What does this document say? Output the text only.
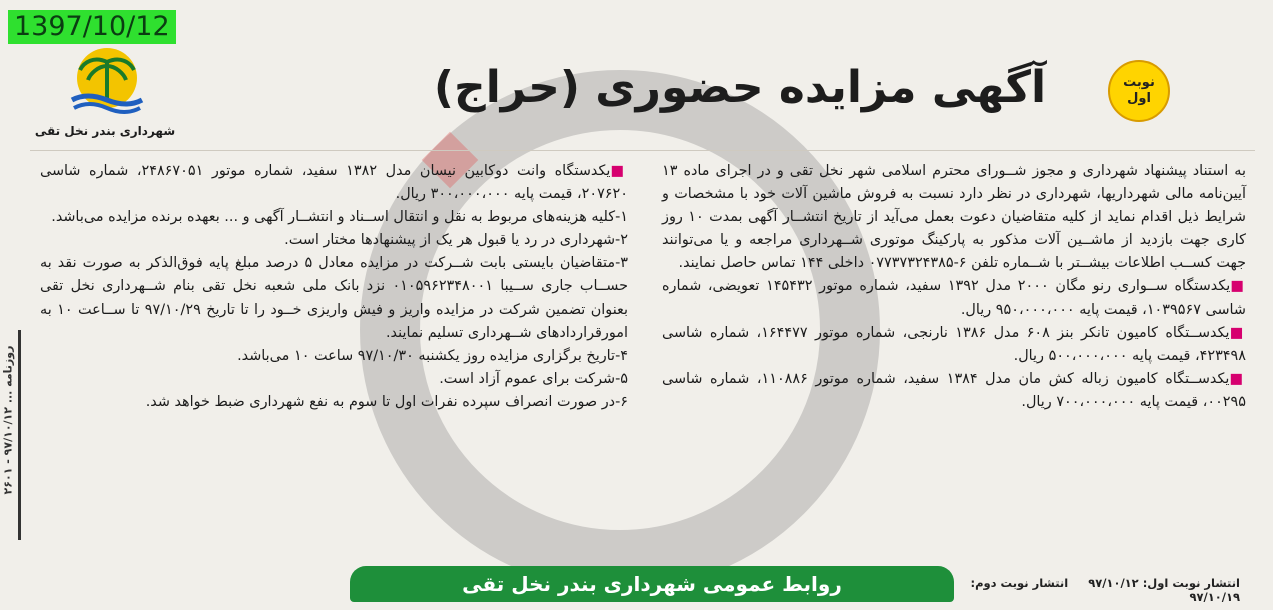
1397/10/12
شهرداری بندر نخل تقی
نوبت
اول
آگهی مزایده حضوری (حراج)

به استناد پیشنهاد شهرداری و مجوز شــورای محترم اسلامی شهر نخل تقی و در اجرای ماده ۱۳ آیین‌نامه مالی شهرداریها، شهرداری در نظر دارد نسبت به فروش ماشین آلات خود با مشخصات و شرایط ذیل اقدام نماید از کلیه متقاضیان دعوت بعمل می‌آید از تاریخ انتشــار آگهی بمدت ۱۰ روز کاری جهت بازدید از ماشــین آلات مذکور به پارکینگ موتوری شــهرداری مراجعه و یا می‌توانند جهت کســب اطلاعات بیشــتر با شــماره تلفن ۶-۰۷۷۳۷۳۲۴۳۸۵ داخلی ۱۴۴ تماس حاصل نمایند.

■یکدستگاه ســواری رنو مگان ۲۰۰۰ مدل ۱۳۹۲ سفید، شماره موتور ۱۴۵۴۳۲ تعویضی، شماره شاسی ۱۰۳۹۵۶۷، قیمت پایه ۹۵۰،۰۰۰،۰۰۰ ریال.

■یکدســتگاه کامیون تانکر بنز ۶۰۸ مدل ۱۳۸۶ نارنجی، شماره موتور ۱۶۴۴۷۷، شماره شاسی ۴۲۳۴۹۸، قیمت پایه ۵۰۰،۰۰۰،۰۰۰ ریال.

■یکدســتگاه کامیون زباله کش مان مدل ۱۳۸۴ سفید، شماره موتور ۱۱۰۸۸۶، شماره شاسی ۰۰۲۹۵، قیمت پایه ۷۰۰،۰۰۰،۰۰۰ ریال.

■یکدستگاه وانت دوکابین نیسان مدل ۱۳۸۲ سفید، شماره موتور ۲۴۸۶۷۰۵۱، شماره شاسی ۲۰۷۶۲۰، قیمت پایه ۳۰۰،۰۰۰،۰۰۰ ریال.

۱-کلیه هزینه‌های مربوط به نقل و انتقال اســناد و انتشــار آگهی و ... بعهده برنده مزایده می‌باشد.

۲-شهرداری در رد یا قبول هر یک از پیشنهادها مختار است.

۳-متقاضیان بایستی بابت شــرکت در مزایده معادل ۵ درصد مبلغ پایه فوق‌الذکر به صورت نقد به حســاب جاری ســیبا ۰۱۰۵۹۶۲۳۴۸۰۰۱ نزد بانک ملی شعبه نخل تقی بنام شــهرداری نخل تقی بعنوان تضمین شرکت در مزایده واریز و فیش واریزی خــود را تا تاریخ ۹۷/۱۰/۲۹ تا ســاعت ۱۰ به امورقراردادهای شــهرداری تسلیم نمایند.

۴-تاریخ برگزاری مزایده روز یکشنبه ۹۷/۱۰/۳۰ ساعت ۱۰ می‌باشد.

۵-شرکت برای عموم آزاد است.

۶-در صورت انصراف سپرده نفرات اول تا سوم به نفع شهرداری ضبط خواهد شد.

روزنامه ... ۹۷/۱۰/۱۲ - ۲۶۰۱
روابط عمومی شهرداری بندر نخل تقی	انتشار نوبت اول: ۹۷/۱۰/۱۲ انتشار نوبت دوم: ۹۷/۱۰/۱۹
